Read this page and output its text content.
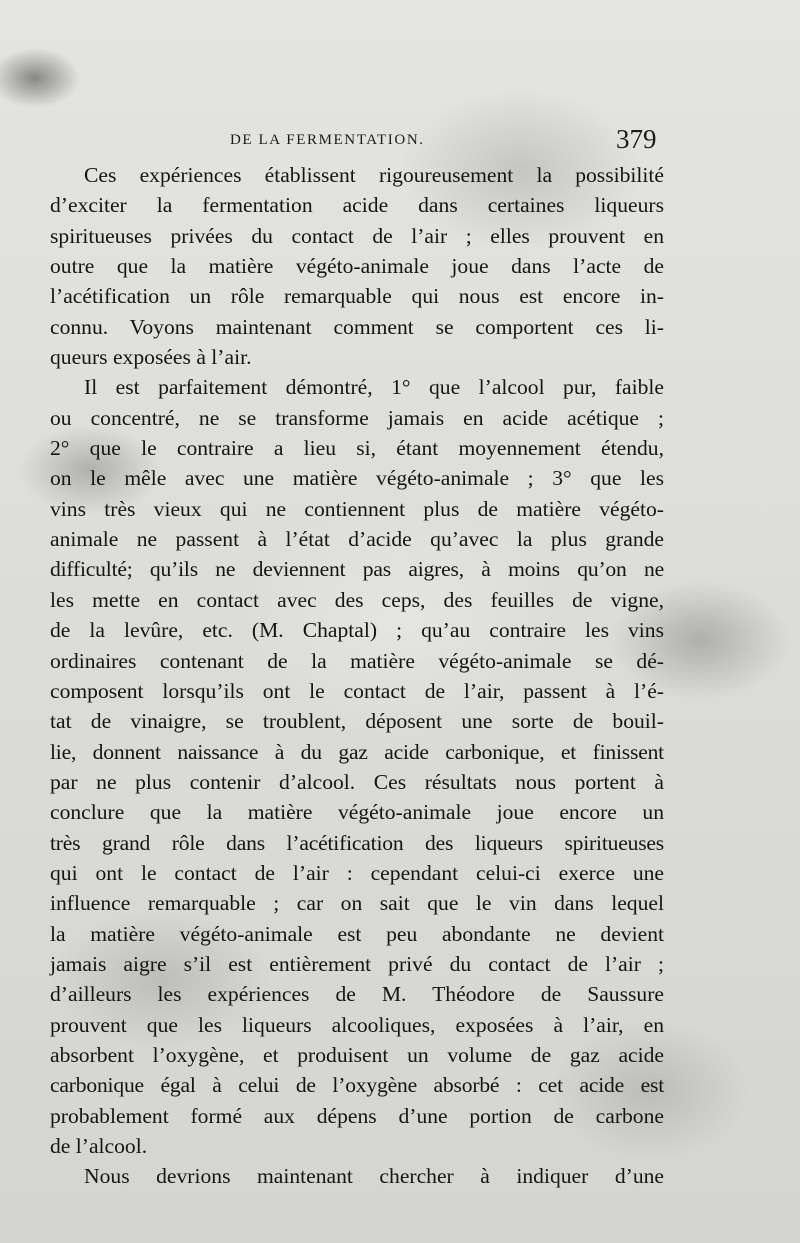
DE LA FERMENTATION.	379
Ces expériences établissent rigoureusement la possibilité
d’exciter la fermentation acide dans certaines liqueurs
spiritueuses privées du contact de l’air ; elles prouvent en
outre que la matière végéto-animale joue dans l’acte de
l’acétification un rôle remarquable qui nous est encore in-
connu. Voyons maintenant comment se comportent ces li-
queurs exposées à l’air.
Il est parfaitement démontré, 1° que l’alcool pur, faible
ou concentré, ne se transforme jamais en acide acétique ;
2° que le contraire a lieu si, étant moyennement étendu,
on le mêle avec une matière végéto-animale ; 3° que les
vins très vieux qui ne contiennent plus de matière végéto-
animale ne passent à l’état d’acide qu’avec la plus grande
difficulté; qu’ils ne deviennent pas aigres, à moins qu’on ne
les mette en contact avec des ceps, des feuilles de vigne,
de la levûre, etc. (M. Chaptal) ; qu’au contraire les vins
ordinaires contenant de la matière végéto-animale se dé-
composent lorsqu’ils ont le contact de l’air, passent à l’é-
tat de vinaigre, se troublent, déposent une sorte de bouil-
lie, donnent naissance à du gaz acide carbonique, et finissent
par ne plus contenir d’alcool. Ces résultats nous portent à
conclure que la matière végéto-animale joue encore un
très grand rôle dans l’acétification des liqueurs spiritueuses
qui ont le contact de l’air : cependant celui-ci exerce une
influence remarquable ; car on sait que le vin dans lequel
la matière végéto-animale est peu abondante ne devient
jamais aigre s’il est entièrement privé du contact de l’air ;
d’ailleurs les expériences de M. Théodore de Saussure
prouvent que les liqueurs alcooliques, exposées à l’air, en
absorbent l’oxygène, et produisent un volume de gaz acide
carbonique égal à celui de l’oxygène absorbé : cet acide est
probablement formé aux dépens d’une portion de carbone
de l’alcool.
Nous devrions maintenant chercher à indiquer d’une
